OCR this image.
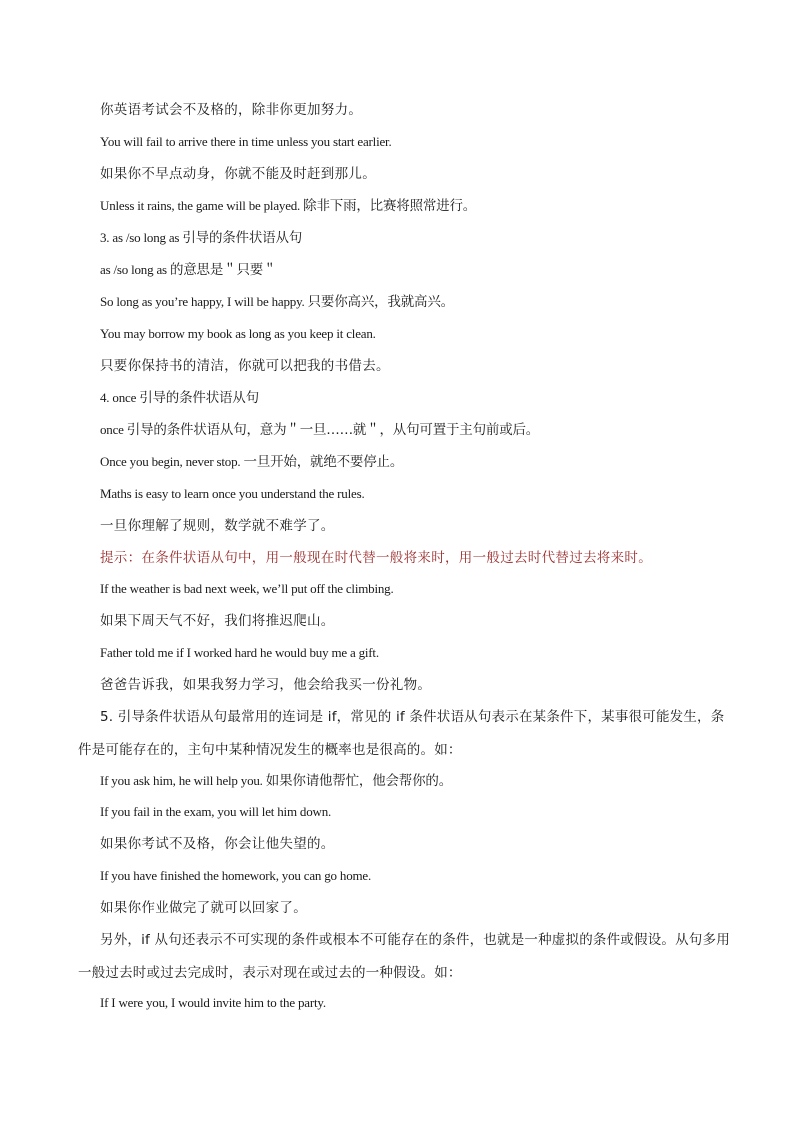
你英语考试会不及格的，除非你更加努力。
You will fail to arrive there in time unless you start earlier.
如果你不早点动身，你就不能及时赶到那儿。
Unless it rains, the game will be played. 除非下雨，比赛将照常进行。
3. as /so long as 引导的条件状语从句
as /so long as 的意思是＂只要＂
So long as you’re happy, I will be happy. 只要你高兴，我就高兴。
You may borrow my book as long as you keep it clean.
只要你保持书的清洁，你就可以把我的书借去。
4. once 引导的条件状语从句
once 引导的条件状语从句，意为＂一旦……就＂，从句可置于主句前或后。
Once you begin, never stop. 一旦开始，就绝不要停止。
Maths is easy to learn once you understand the rules.
一旦你理解了规则，数学就不难学了。
提示：在条件状语从句中，用一般现在时代替一般将来时，用一般过去时代替过去将来时。
If the weather is bad next week, we’ll put off the climbing.
如果下周天气不好，我们将推迟爬山。
Father told me if I worked hard he would buy me a gift.
爸爸告诉我，如果我努力学习，他会给我买一份礼物。
5. 引导条件状语从句最常用的连词是 if，常见的 if 条件状语从句表示在某条件下，某事很可能发生，条件是可能存在的，主句中某种情况发生的概率也是很高的。如：
If you ask him, he will help you. 如果你请他帮忙，他会帮你的。
If you fail in the exam, you will let him down.
如果你考试不及格，你会让他失望的。
If you have finished the homework, you can go home.
如果你作业做完了就可以回家了。
另外，if 从句还表示不可实现的条件或根本不可能存在的条件，也就是一种虚拟的条件或假设。从句多用一般过去时或过去完成时，表示对现在或过去的一种假设。如：
If I were you, I would invite him to the party.
